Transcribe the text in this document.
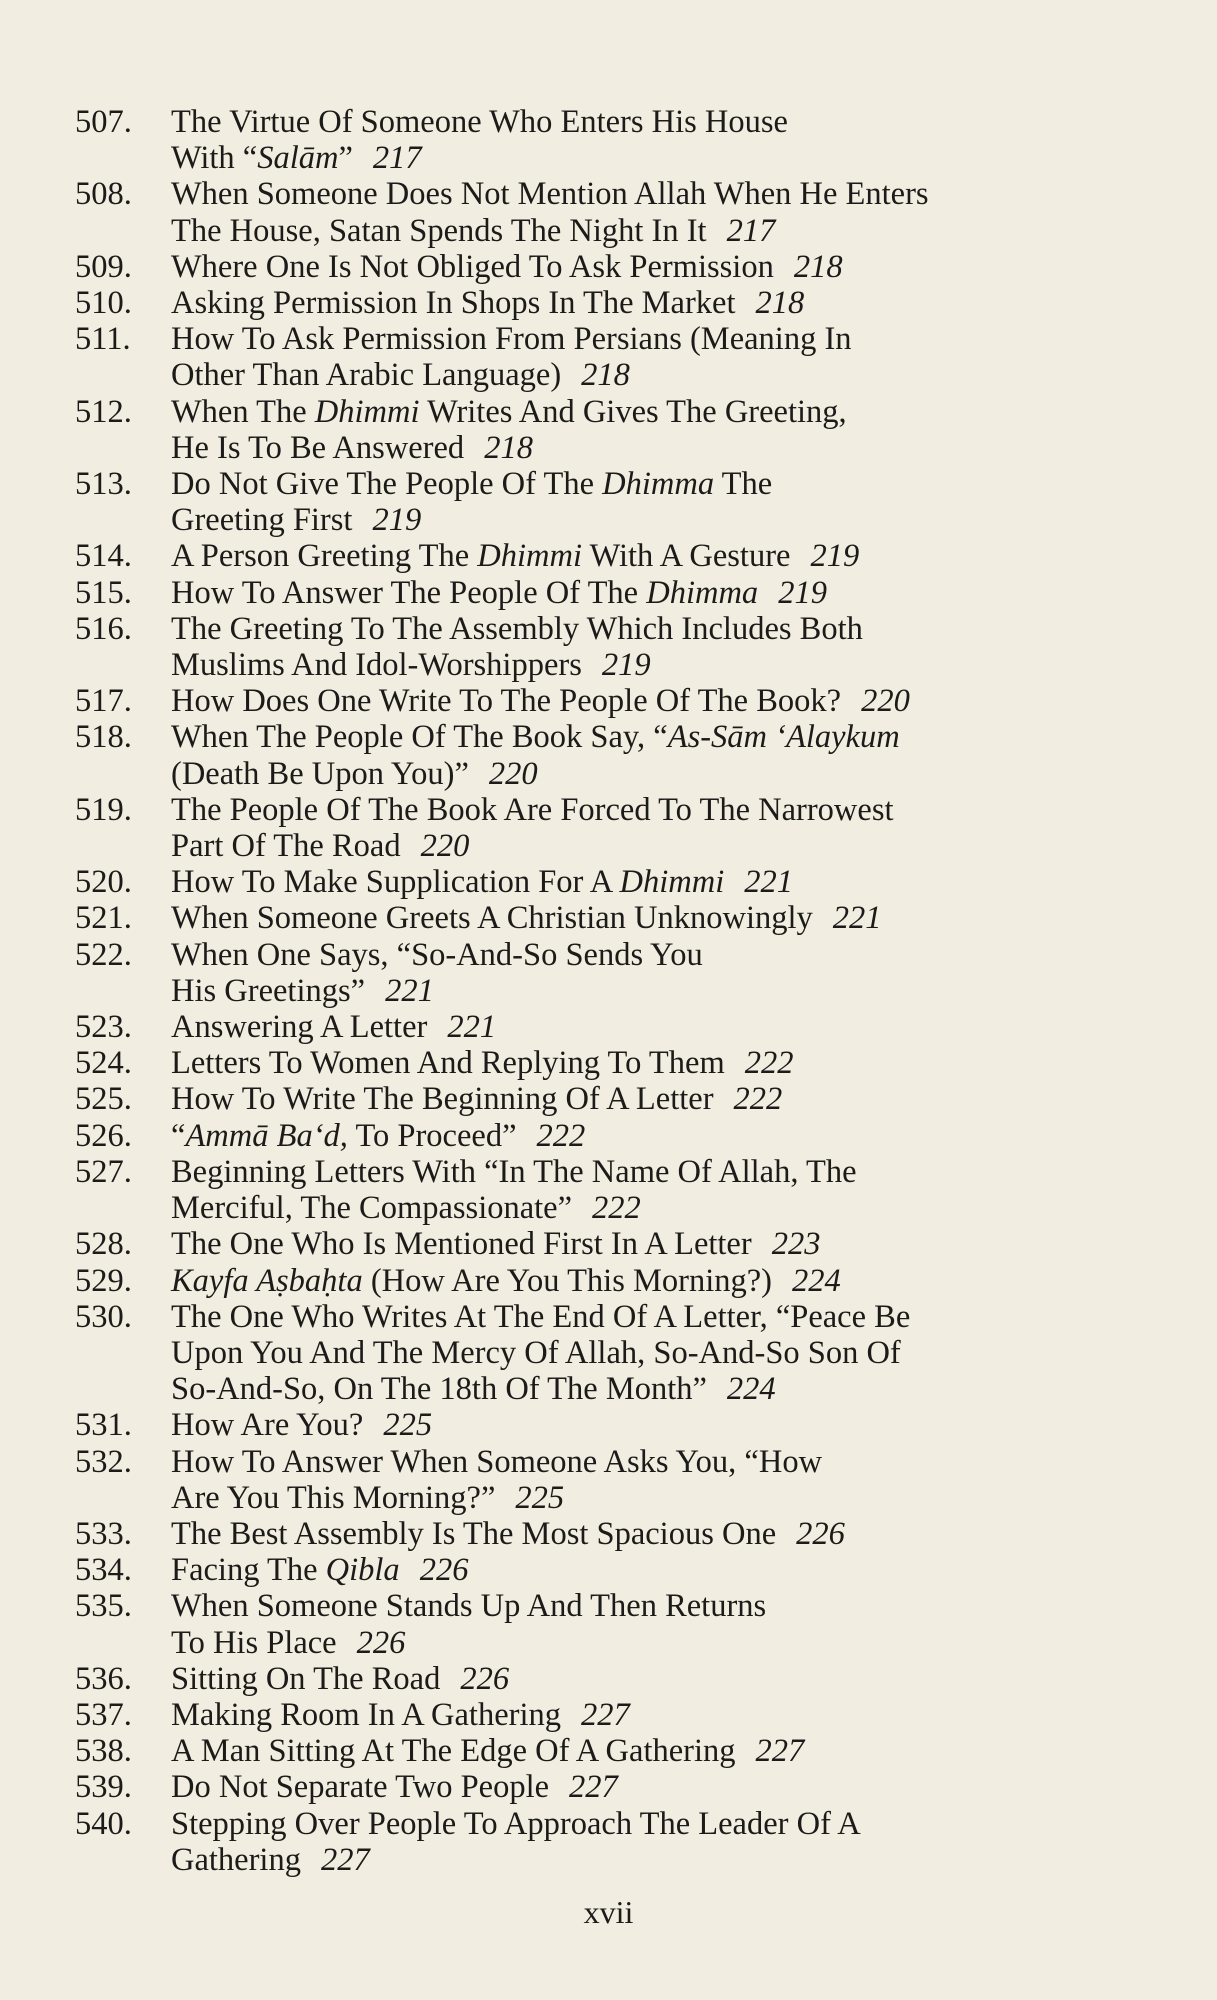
507.	The Virtue Of Someone Who Enters His House
With “Salām” 217
508.	When Someone Does Not Mention Allah When He Enters
The House, Satan Spends The Night In It 217
509.	Where One Is Not Obliged To Ask Permission 218
510.	Asking Permission In Shops In The Market 218
511.	How To Ask Permission From Persians (Meaning In
Other Than Arabic Language) 218
512.	When The Dhimmi Writes And Gives The Greeting,
He Is To Be Answered 218
513.	Do Not Give The People Of The Dhimma The
Greeting First 219
514.	A Person Greeting The Dhimmi With A Gesture 219
515.	How To Answer The People Of The Dhimma 219
516.	The Greeting To The Assembly Which Includes Both
Muslims And Idol-Worshippers 219
517.	How Does One Write To The People Of The Book? 220
518.	When The People Of The Book Say, “As-Sām ‘Alaykum
(Death Be Upon You)” 220
519.	The People Of The Book Are Forced To The Narrowest
Part Of The Road 220
520.	How To Make Supplication For A Dhimmi 221
521.	When Someone Greets A Christian Unknowingly 221
522.	When One Says, “So-And-So Sends You
His Greetings” 221
523.	Answering A Letter 221
524.	Letters To Women And Replying To Them 222
525.	How To Write The Beginning Of A Letter 222
526.	“Ammā Ba‘d, To Proceed” 222
527.	Beginning Letters With “In The Name Of Allah, The
Merciful, The Compassionate” 222
528.	The One Who Is Mentioned First In A Letter 223
529.	Kayfa Aṣbaḥta (How Are You This Morning?) 224
530.	The One Who Writes At The End Of A Letter, “Peace Be
Upon You And The Mercy Of Allah, So-And-So Son Of
So-And-So, On The 18th Of The Month” 224
531.	How Are You? 225
532.	How To Answer When Someone Asks You, “How
Are You This Morning?” 225
533.	The Best Assembly Is The Most Spacious One 226
534.	Facing The Qibla 226
535.	When Someone Stands Up And Then Returns
To His Place 226
536.	Sitting On The Road 226
537.	Making Room In A Gathering 227
538.	A Man Sitting At The Edge Of A Gathering 227
539.	Do Not Separate Two People 227
540.	Stepping Over People To Approach The Leader Of A
Gathering 227
xvii
